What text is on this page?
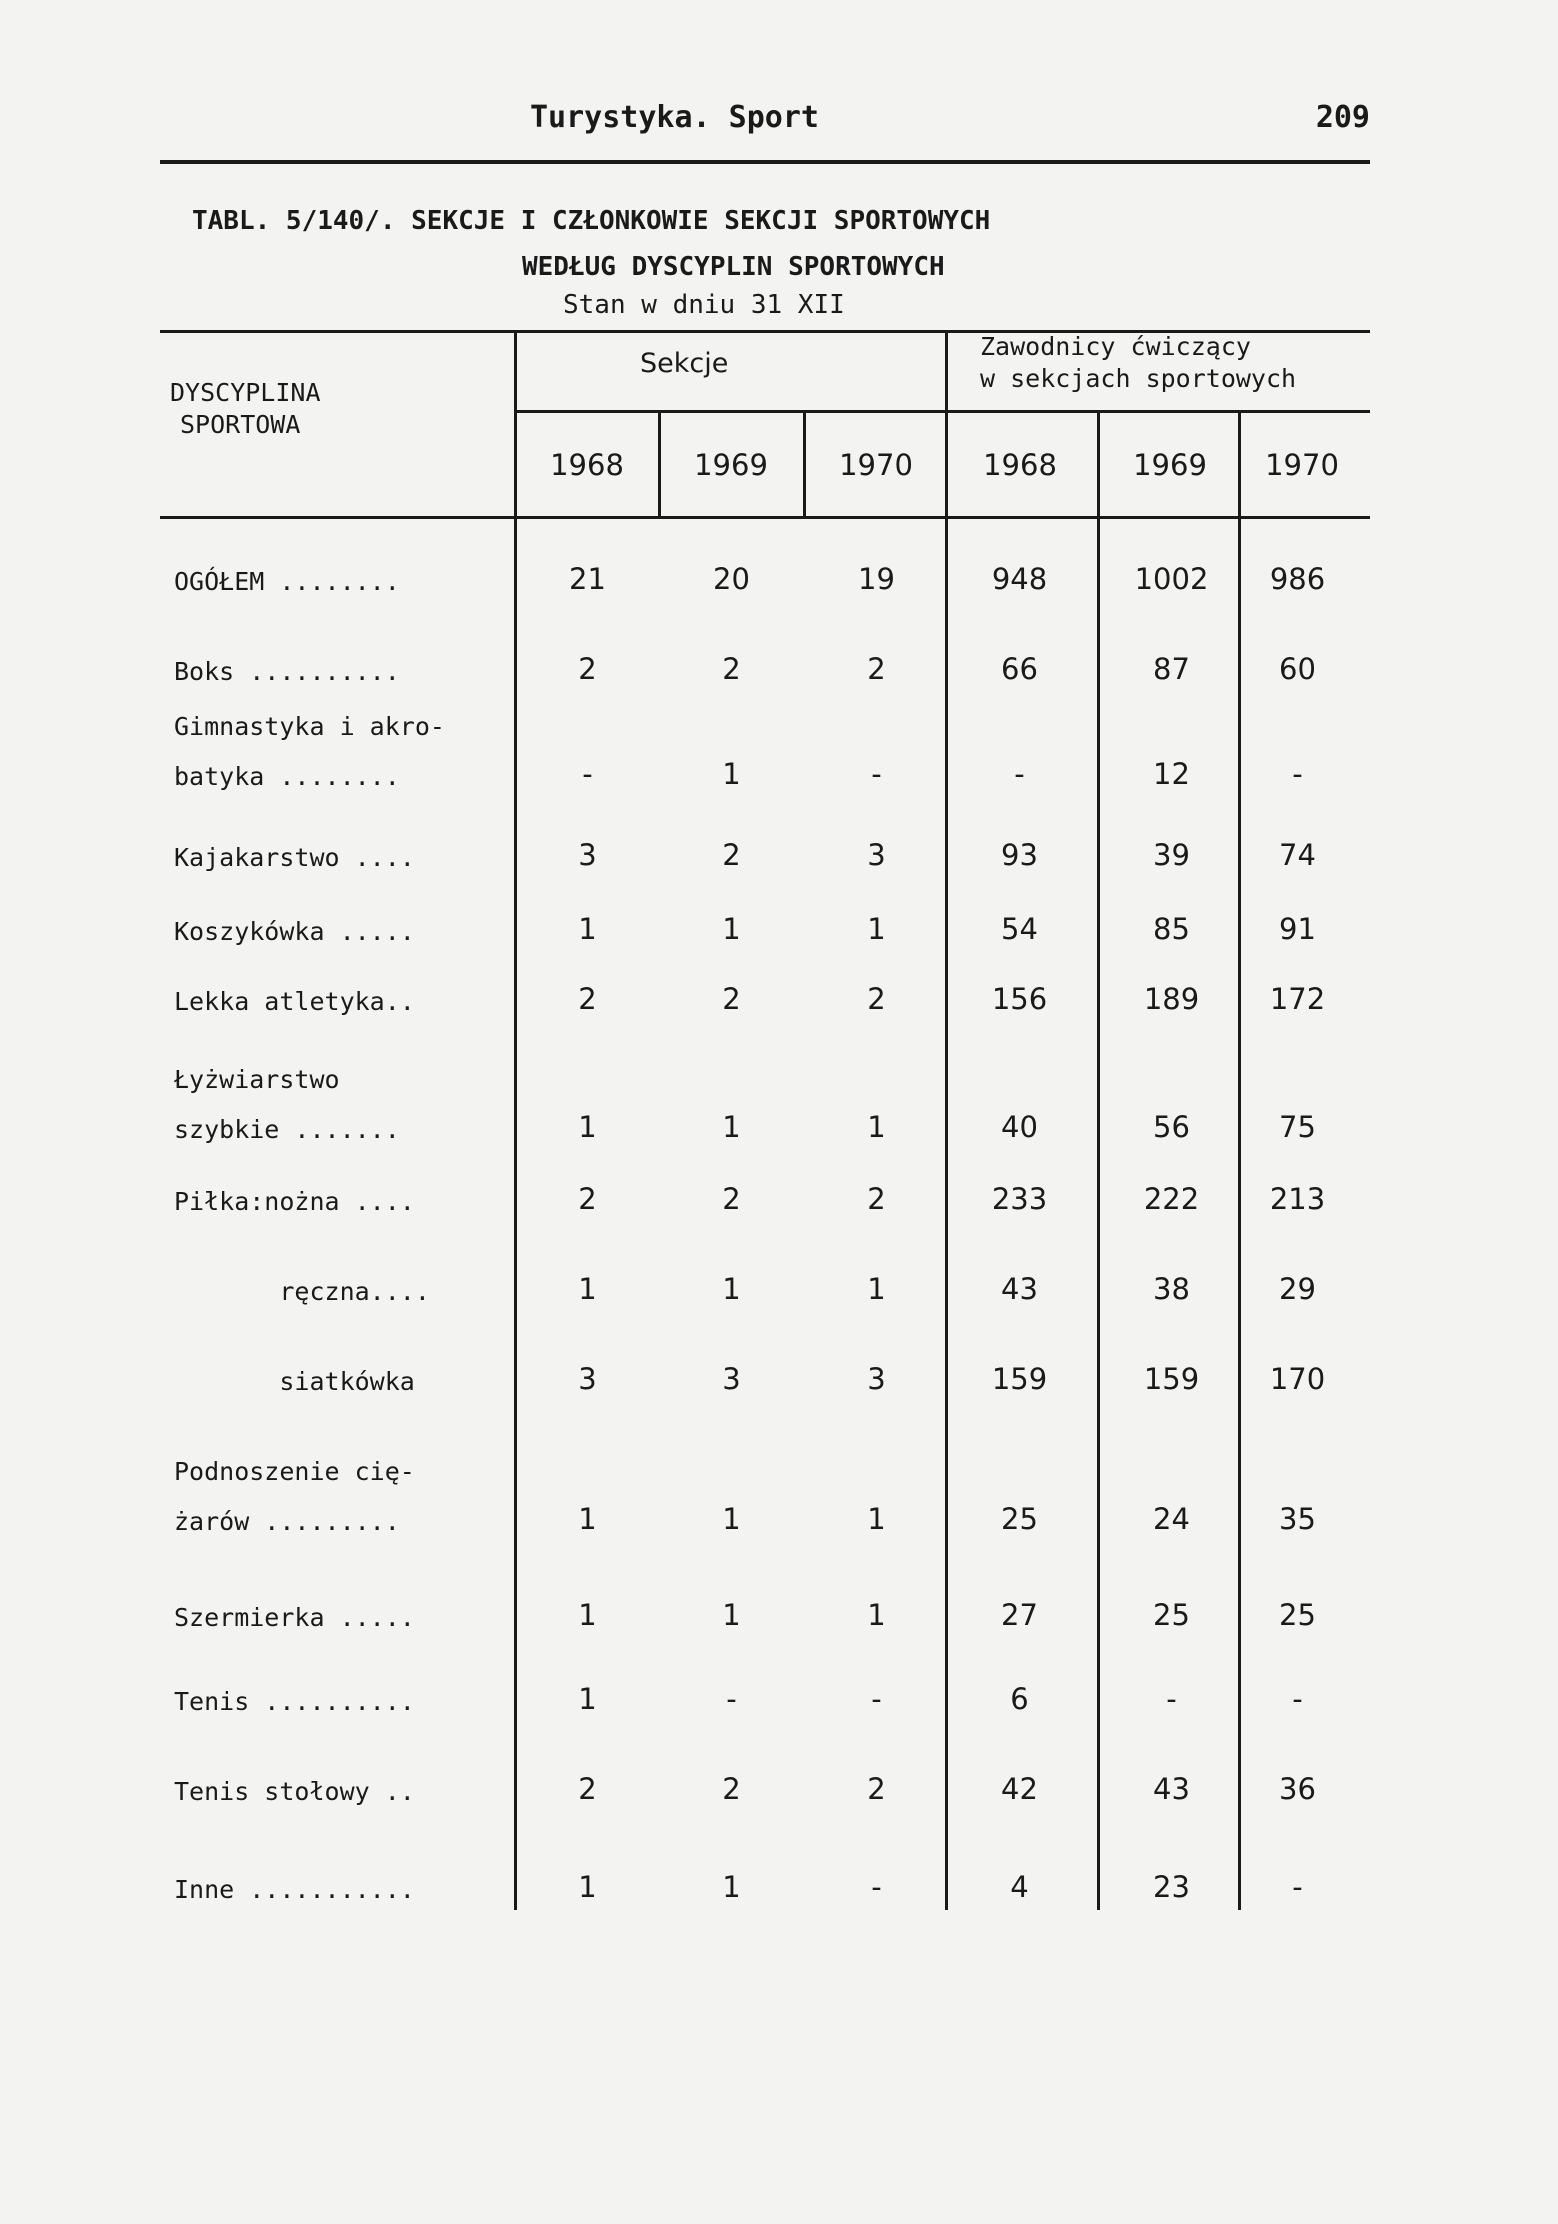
Turystyka. Sport	209
TABL. 5/140/. SEKCJE I CZŁONKOWIE SEKCJI SPORTOWYCH
WEDŁUG DYSCYPLIN SPORTOWYCH
Stan w dniu 31 XII
DYSCYPLINA
SPORTOWA
Sekcje
Zawodnicy ćwiczący
w sekcjach sportowych
1968	1969	1970	1968	1969	1970
OGÓŁEM ........	21	20	19	948	1002	986
Boks ..........	2	2	2	66	87	60
Gimnastyka i akro-
batyka ........	-	1	-	-	12	-
Kajakarstwo ....	3	2	3	93	39	74
Koszykówka .....	1	1	1	54	85	91
Lekka atletyka..	2	2	2	156	189	172
Łyżwiarstwo
szybkie .......	1	1	1	40	56	75
Piłka:nożna ....	2	2	2	233	222	213
ręczna....	1	1	1	43	38	29
siatkówka	3	3	3	159	159	170
Podnoszenie cię-
żarów .........	1	1	1	25	24	35
Szermierka .....	1	1	1	27	25	25
Tenis ..........	1	-	-	6	-	-
Tenis stołowy ..	2	2	2	42	43	36
Inne ...........	1	1	-	4	23	-
